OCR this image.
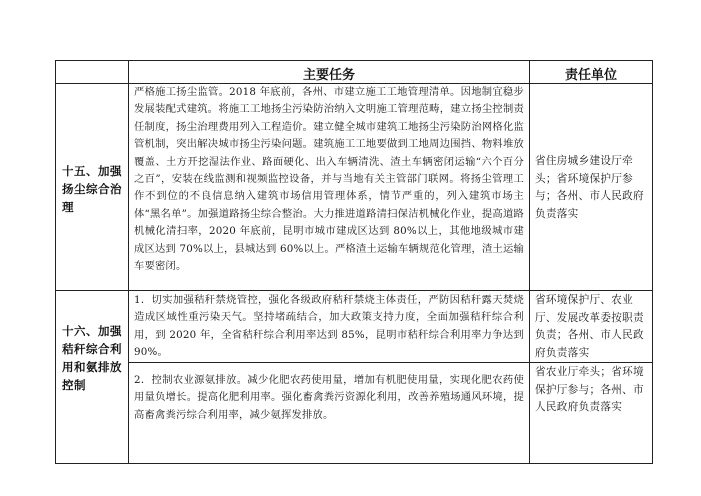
主要任务	责任单位
十五、加强扬尘综合治理
严格施工扬尘监管。2018 年底前，各州、市建立施工工地管理清单。因地制宜稳步发展装配式建筑。将施工工地扬尘污染防治纳入文明施工管理范畴，建立扬尘控制责任制度，扬尘治理费用列入工程造价。建立健全城市建筑工地扬尘污染防治网格化监管机制，突出解决城市扬尘污染问题。建筑施工工地要做到工地周边围挡、物料堆放覆盖、土方开挖湿法作业、路面硬化、出入车辆清洗、渣土车辆密闭运输“六个百分之百”，安装在线监测和视频监控设备，并与当地有关主管部门联网。将扬尘管理工作不到位的不良信息纳入建筑市场信用管理体系，情节严重的，列入建筑市场主体“黑名单”。加强道路扬尘综合整治。大力推进道路清扫保洁机械化作业，提高道路机械化清扫率，2020 年底前，昆明市城市建成区达到 80%以上，其他地级城市建成区达到 70%以上，县城达到 60%以上。严格渣土运输车辆规范化管理，渣土运输车要密闭。
省住房城乡建设厅牵头；省环境保护厅参与；各州、市人民政府负责落实
十六、加强秸秆综合利用和氨排放控制
1．切实加强秸秆禁烧管控，强化各级政府秸秆禁烧主体责任，严防因秸秆露天焚烧造成区域性重污染天气。坚持堵疏结合，加大政策支持力度，全面加强秸秆综合利用，到 2020 年，全省秸秆综合利用率达到 85%，昆明市秸秆综合利用率力争达到 90%。
省环境保护厅、农业厅、发展改革委按职责负责；各州、市人民政府负责落实
2．控制农业源氨排放。减少化肥农药使用量，增加有机肥使用量，实现化肥农药使用量负增长。提高化肥利用率。强化畜禽粪污资源化利用，改善养殖场通风环境，提高畜禽粪污综合利用率，减少氨挥发排放。
省农业厅牵头；省环境保护厅参与；各州、市人民政府负责落实
